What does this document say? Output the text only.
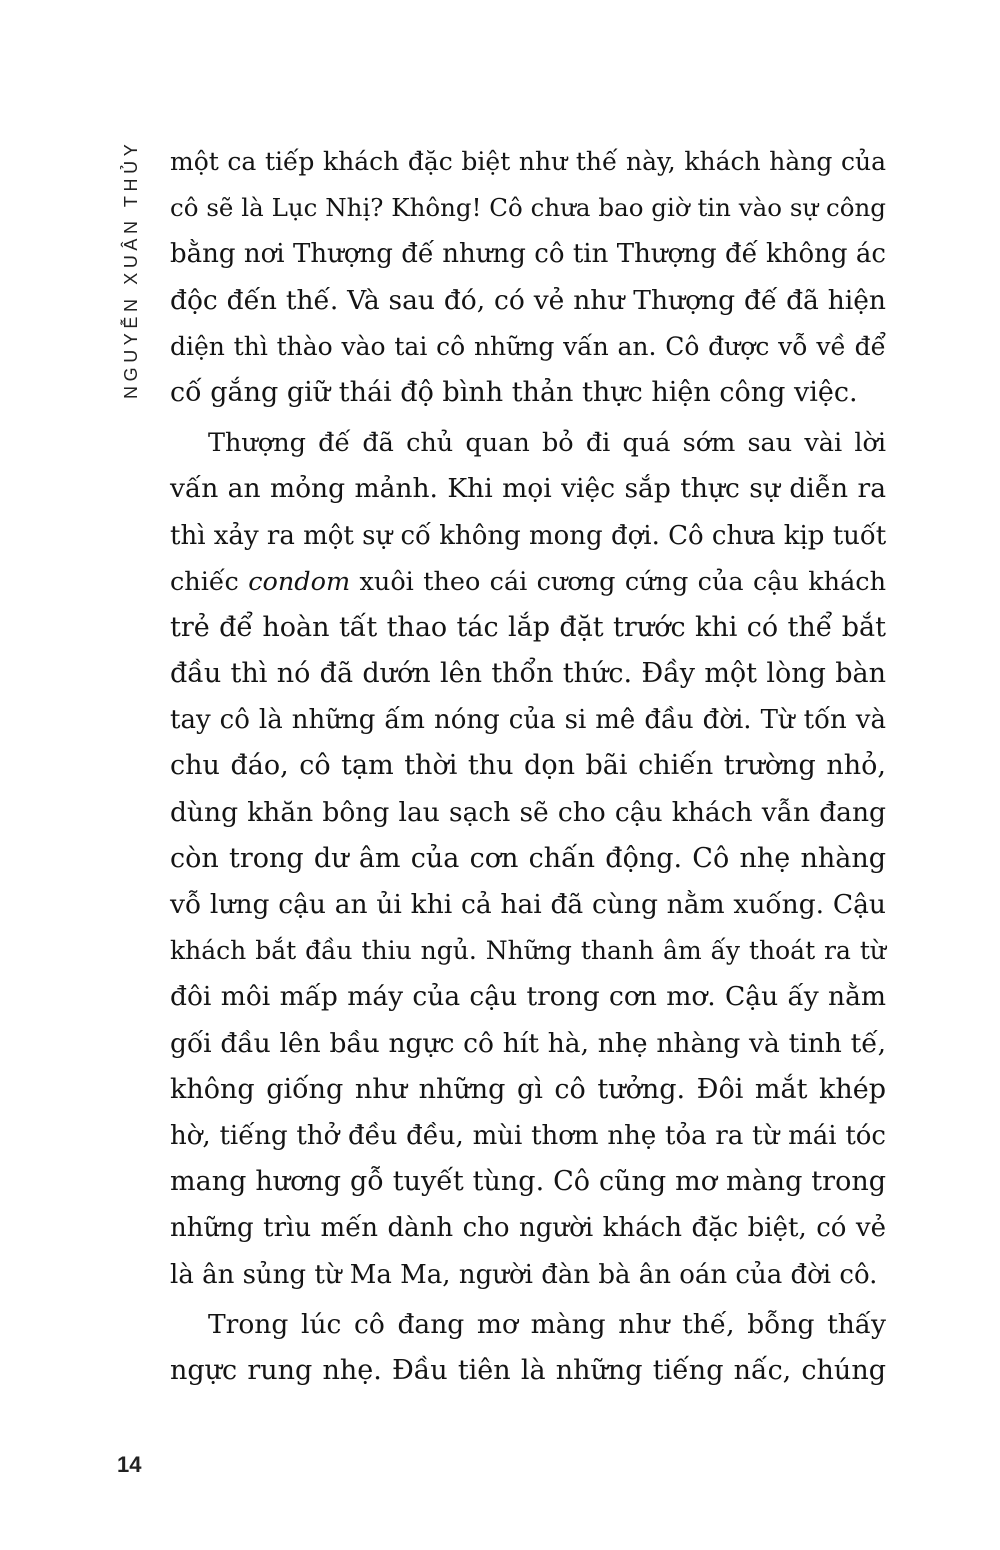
NGUYỄN XUÂN THỦY một ca tiếp khách đặc biệt như thế này, khách hàng của
cô sẽ là Lục Nhị? Không! Cô chưa bao giờ tin vào sự công
bằng nơi Thượng đế nhưng cô tin Thượng đế không ác
độc đến thế. Và sau đó, có vẻ như Thượng đế đã hiện
diện thì thào vào tai cô những vấn an. Cô được vỗ về để
cố gắng giữ thái độ bình thản thực hiện công việc.

Thượng đế đã chủ quan bỏ đi quá sớm sau vài lời
vấn an mỏng mảnh. Khi mọi việc sắp thực sự diễn ra
thì xảy ra một sự cố không mong đợi. Cô chưa kịp tuốt
chiếc condom xuôi theo cái cương cứng của cậu khách
trẻ để hoàn tất thao tác lắp đặt trước khi có thể bắt
đầu thì nó đã dướn lên thổn thức. Đầy một lòng bàn
tay cô là những ấm nóng của si mê đầu đời. Từ tốn và
chu đáo, cô tạm thời thu dọn bãi chiến trường nhỏ,
dùng khăn bông lau sạch sẽ cho cậu khách vẫn đang
còn trong dư âm của cơn chấn động. Cô nhẹ nhàng
vỗ lưng cậu an ủi khi cả hai đã cùng nằm xuống. Cậu
khách bắt đầu thiu ngủ. Những thanh âm ấy thoát ra từ
đôi môi mấp máy của cậu trong cơn mơ. Cậu ấy nằm
gối đầu lên bầu ngực cô hít hà, nhẹ nhàng và tinh tế,
không giống như những gì cô tưởng. Đôi mắt khép
hờ, tiếng thở đều đều, mùi thơm nhẹ tỏa ra từ mái tóc
mang hương gỗ tuyết tùng. Cô cũng mơ màng trong
những trìu mến dành cho người khách đặc biệt, có vẻ
là ân sủng từ Ma Ma, người đàn bà ân oán của đời cô.

Trong lúc cô đang mơ màng như thế, bỗng thấy
ngực rung nhẹ. Đầu tiên là những tiếng nấc, chúng

14
